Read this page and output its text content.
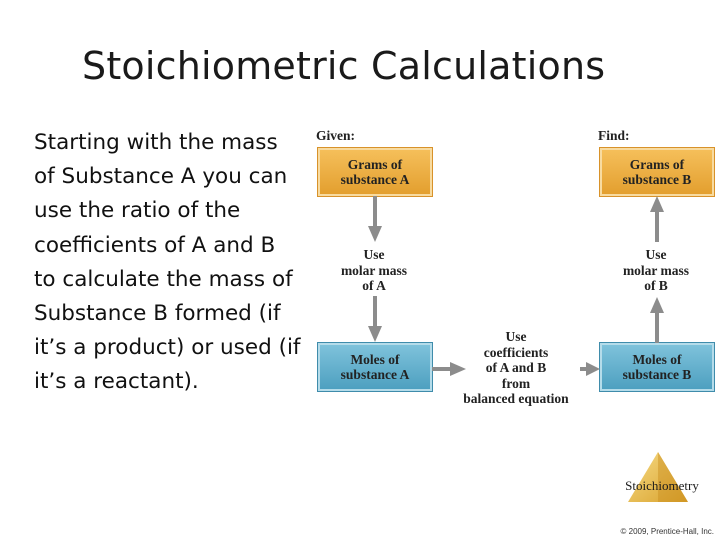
Stoichiometric Calculations

Starting with the mass of Substance A you can use the ratio of the coefficients of A and B to calculate the mass of Substance B formed (if it’s a product) or used (if it’s a reactant).

Given:	Find:
Grams of
substance A
Grams of
substance B
Moles of
substance A
Moles of
substance B
Use
molar mass
of A
Use
molar mass
of B
Use
coefficients
of A and B
from
balanced equation
Stoichiometry
© 2009, Prentice-Hall, Inc.
